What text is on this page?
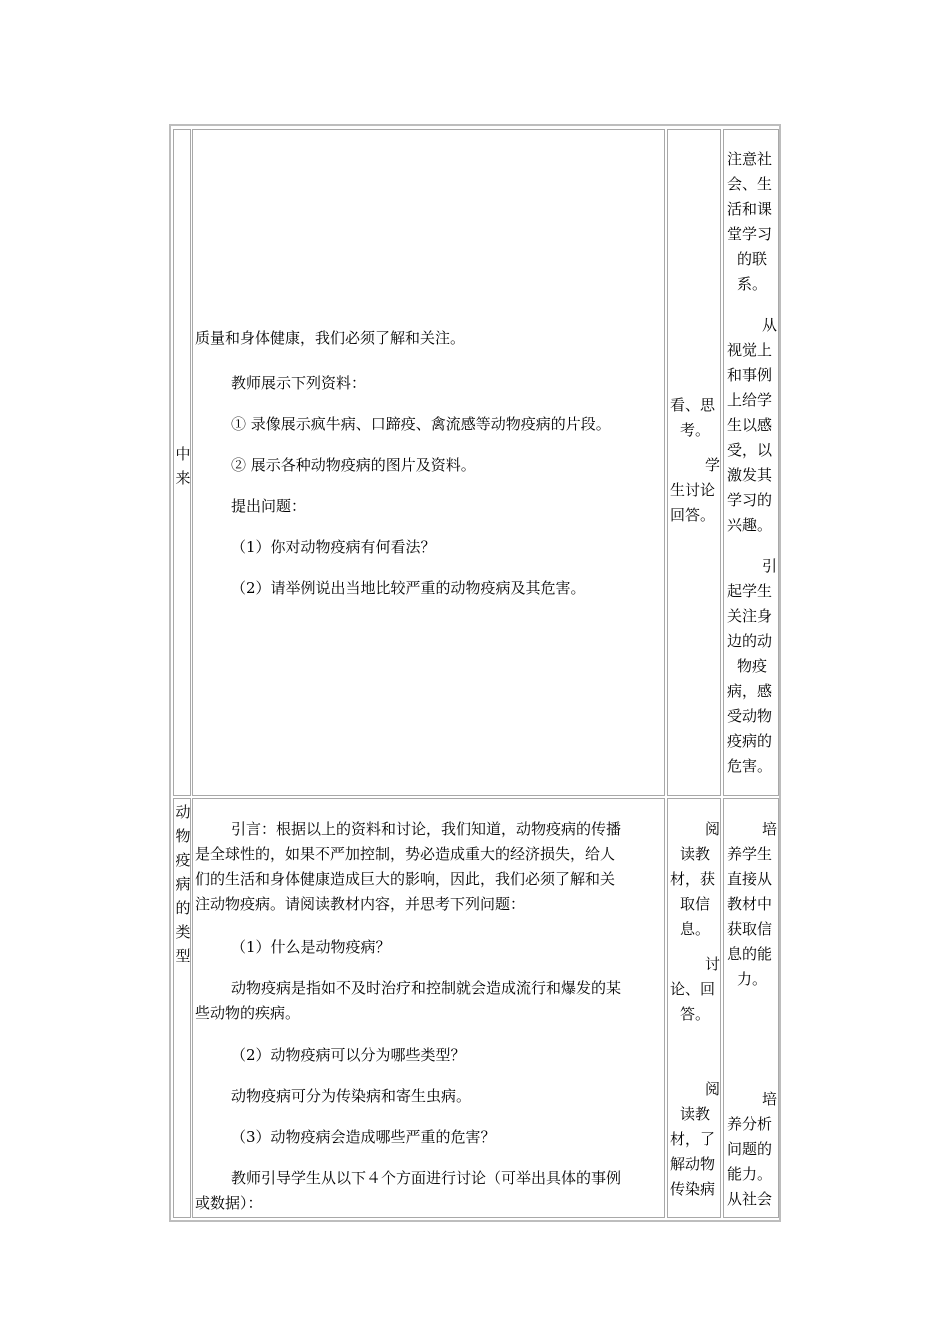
中
来

质量和身体健康，我们必须了解和关注。

教师展示下列资料：

① 录像展示疯牛病、口蹄疫、禽流感等动物疫病的片段。

② 展示各种动物疫病的图片及资料。

提出问题：

（1）你对动物疫病有何看法？

（2）请举例说出当地比较严重的动物疫病及其危害。

看、思
考。
学
生讨论
回答。
注意社
会、生
活和课
堂学习
的联
系。
从
视觉上
和事例
上给学
生以感
受，以
激发其
学习的
兴趣。
引
起学生
关注身
边的动
物疫
病，感
受动物
疫病的
危害。
动
物
疫
病
的
类
型
引言：根据以上的资料和讨论，我们知道，动物疫病的传播
是全球性的，如果不严加控制，势必造成重大的经济损失，给人
们的生活和身体健康造成巨大的影响，因此，我们必须了解和关
注动物疫病。请阅读教材内容，并思考下列问题：

（1）什么是动物疫病？

动物疫病是指如不及时治疗和控制就会造成流行和爆发的某
些动物的疾病。

（2）动物疫病可以分为哪些类型？

动物疫病可分为传染病和寄生虫病。

（3）动物疫病会造成哪些严重的危害？

教师引导学生从以下４个方面进行讨论（可举出具体的事例
或数据）：
阅
读教
材，获
取信
息。
讨
论、回
答。
阅
读教
材，了
解动物
传染病
培
养学生
直接从
教材中
获取信
息的能
力。
培
养分析
问题的
能力。
从社会
